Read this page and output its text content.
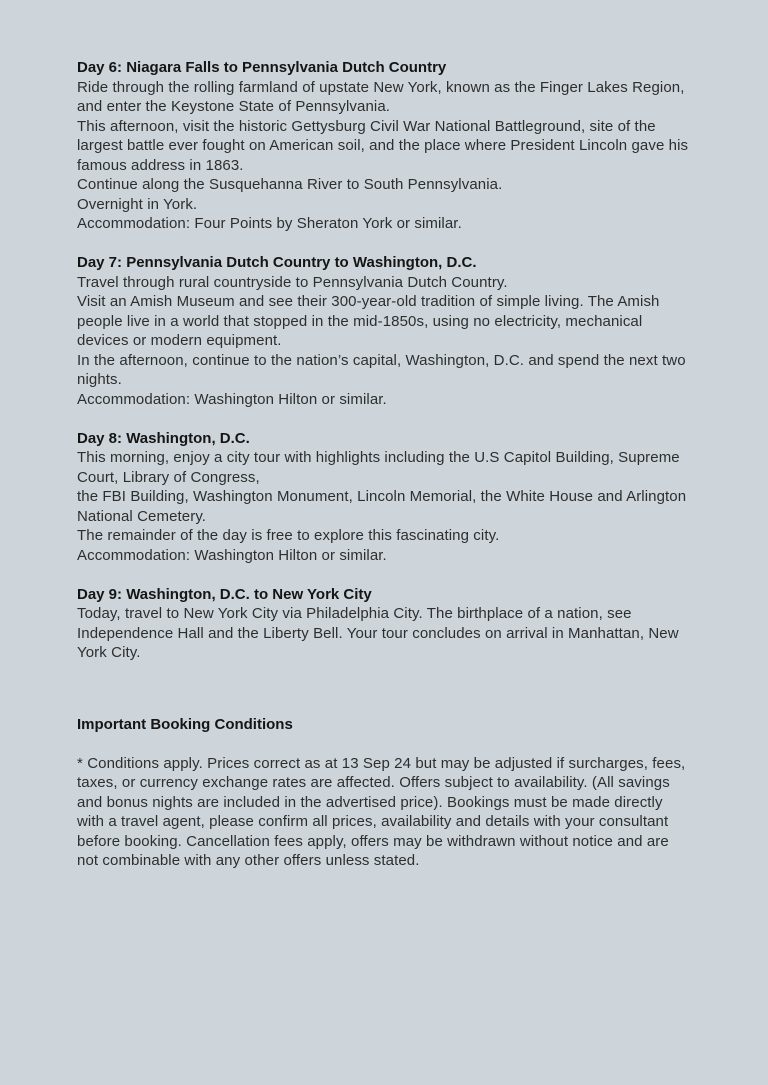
Day 6: Niagara Falls to Pennsylvania Dutch Country

Ride through the rolling farmland of upstate New York, known as the Finger Lakes Region, and enter the Keystone State of Pennsylvania.

This afternoon, visit the historic Gettysburg Civil War National Battleground, site of the largest battle ever fought on American soil, and the place where President Lincoln gave his famous address in 1863.

Continue along the Susquehanna River to South Pennsylvania.

Overnight in York.

Accommodation: Four Points by Sheraton York or similar.

Day 7: Pennsylvania Dutch Country to Washington, D.C.

Travel through rural countryside to Pennsylvania Dutch Country.

Visit an Amish Museum and see their 300-year-old tradition of simple living. The Amish people live in a world that stopped in the mid-1850s, using no electricity, mechanical devices or modern equipment.

In the afternoon, continue to the nation’s capital, Washington, D.C. and spend the next two nights.

Accommodation: Washington Hilton or similar.

Day 8: Washington, D.C.

This morning, enjoy a city tour with highlights including the U.S Capitol Building, Supreme Court, Library of Congress,

the FBI Building, Washington Monument, Lincoln Memorial, the White House and Arlington National Cemetery.

The remainder of the day is free to explore this fascinating city.

Accommodation: Washington Hilton or similar.

Day 9: Washington, D.C. to New York City

Today, travel to New York City via Philadelphia City. The birthplace of a nation, see Independence Hall and the Liberty Bell. Your tour concludes on arrival in Manhattan, New York City.

Important Booking Conditions

* Conditions apply. Prices correct as at 13 Sep 24 but may be adjusted if surcharges, fees, taxes, or currency exchange rates are affected. Offers subject to availability. (All savings and bonus nights are included in the advertised price). Bookings must be made directly with a travel agent, please confirm all prices, availability and details with your consultant before booking. Cancellation fees apply, offers may be withdrawn without notice and are not combinable with any other offers unless stated.
